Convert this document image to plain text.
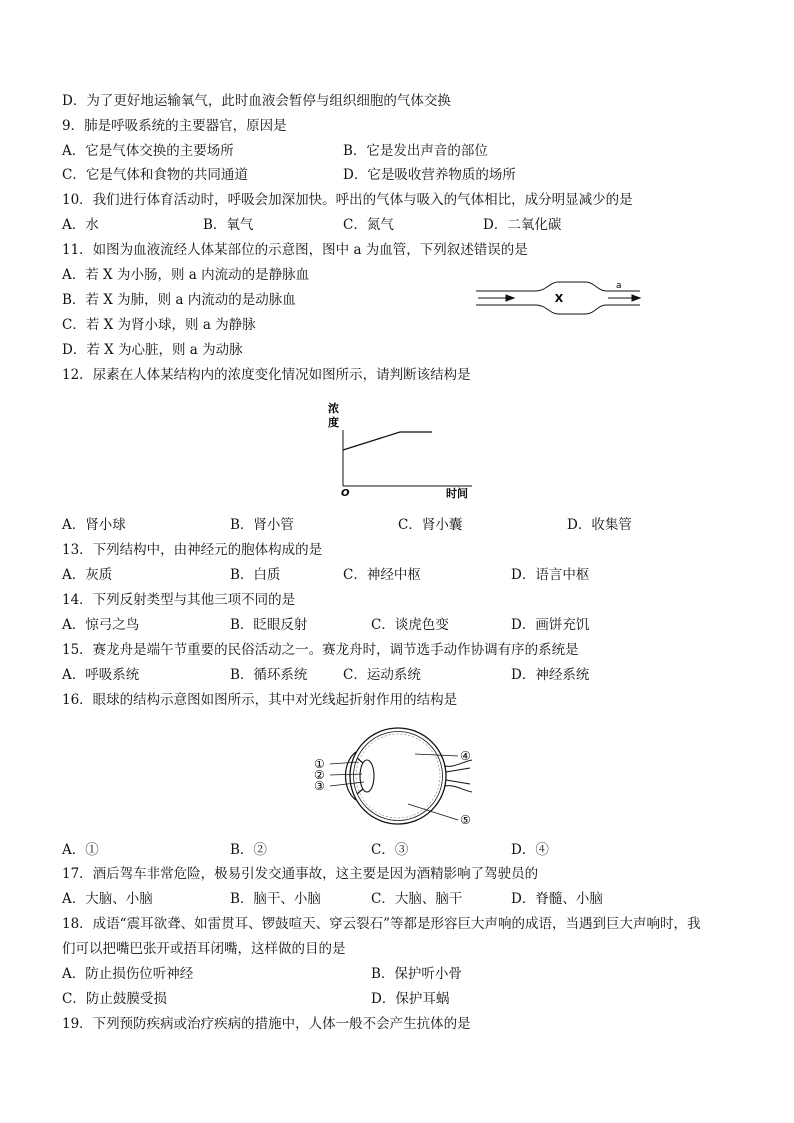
D．为了更好地运输氧气，此时血液会暂停与组织细胞的气体交换
9．肺是呼吸系统的主要器官，原因是
A．它是气体交换的主要场所	B．它是发出声音的部位
C．它是气体和食物的共同通道	D．它是吸收营养物质的场所
10．我们进行体育活动时，呼吸会加深加快。呼出的气体与吸入的气体相比，成分明显减少的是
A．水	B．氧气	C．氮气	D．二氧化碳
11．如图为血液流经人体某部位的示意图，图中 a 为血管，下列叙述错误的是
A．若 X 为小肠，则 a 内流动的是静脉血
B．若 X 为肺，则 a 内流动的是动脉血
C．若 X 为肾小球，则 a 为静脉
D．若 X 为心脏，则 a 为动脉
X
a
12．尿素在人体某结构内的浓度变化情况如图所示，请判断该结构是
浓
度
O	时间
A．肾小球	B．肾小管	C．肾小囊	D．收集管
13．下列结构中，由神经元的胞体构成的是
A．灰质	B．白质	C．神经中枢	D．语言中枢
14．下列反射类型与其他三项不同的是
A．惊弓之鸟	B．眨眼反射	C．谈虎色变	D．画饼充饥
15．赛龙舟是端午节重要的民俗活动之一。赛龙舟时，调节选手动作协调有序的系统是
A．呼吸系统	B．循环系统	C．运动系统	D．神经系统
16．眼球的结构示意图如图所示，其中对光线起折射作用的结构是
①
②
③
④
⑤
A．①	B．②	C．③	D．④
17．酒后驾车非常危险，极易引发交通事故，这主要是因为酒精影响了驾驶员的
A．大脑、小脑	B．脑干、小脑	C．大脑、脑干	D．脊髓、小脑
18．成语“震耳欲聋、如雷贯耳、锣鼓喧天、穿云裂石”等都是形容巨大声响的成语，当遇到巨大声响时，我
们可以把嘴巴张开或捂耳闭嘴，这样做的目的是
A．防止损伤位听神经	B．保护听小骨
C．防止鼓膜受损	D．保护耳蜗
19．下列预防疾病或治疗疾病的措施中，人体一般不会产生抗体的是
